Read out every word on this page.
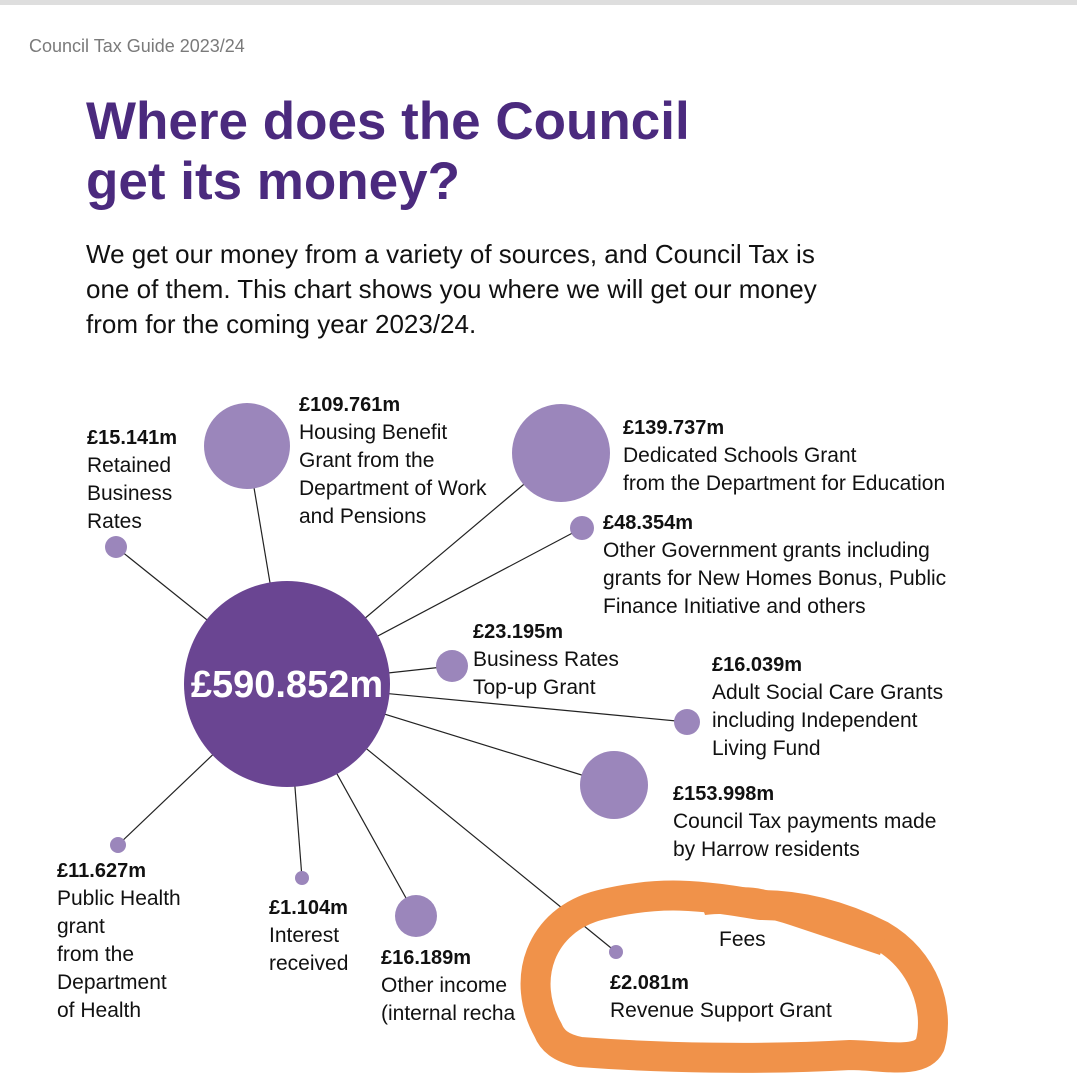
Council Tax Guide 2023/24
Where does the Council
get its money?
We get our money from a variety of sources, and Council Tax is
one of them. This chart shows you where we will get our money
from for the coming year 2023/24.
£590.852m
£15.141m
Retained
Business
Rates
£109.761m
Housing Benefit
Grant from the
Department of Work
and Pensions
£139.737m
Dedicated Schools Grant
from the Department for Education
£48.354m
Other Government grants including
grants for New Homes Bonus, Public
Finance Initiative and others
£23.195m
Business Rates
Top-up Grant
£16.039m
Adult Social Care Grants
including Independent
Living Fund
£153.998m
Council Tax payments made
by Harrow residents
Fees
£2.081m
Revenue Support Grant
£16.189m
Other income
(internal recha
£1.104m
Interest
received
£11.627m
Public Health
grant
from the
Department
of Health
